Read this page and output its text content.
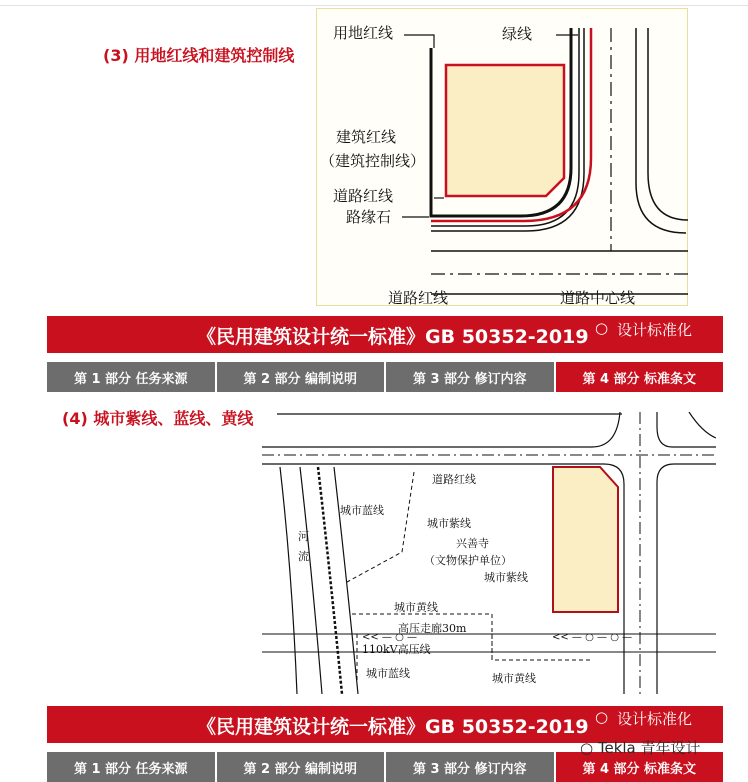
(3) 用地红线和建筑控制线
用地红线	绿线
建筑红线
（建筑控制线）
道路红线
路缘石
道路红线	道路中心线
《民用建筑设计统一标准》GB 50352-2019 ○ 设计标准化
第 1 部分 任务来源	第 2 部分 编制说明	第 3 部分 修订内容	第 4 部分 标准条文
(4) 城市紫线、蓝线、黄线
<< — ○ —	<< — ○ — ○ —
道路红线
城市蓝线
城市紫线
兴善寺
（文物保护单位）
城市紫线
河
流
城市黄线
高压走廊30m
110kV高压线
城市蓝线	城市黄线
《民用建筑设计统一标准》GB 50352-2019 ○ 设计标准化
第 1 部分 任务来源	第 2 部分 编制说明	第 3 部分 修订内容	第 4 部分 标准条文
○ Tekla 青年设计
